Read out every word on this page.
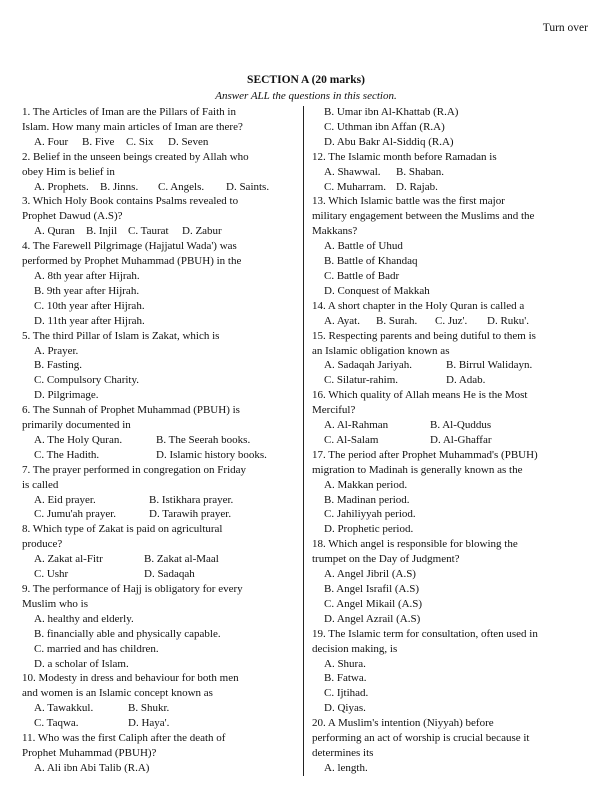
Turn over
SECTION A (20 marks)
Answer ALL the questions in this section.
1. The Articles of Iman are the Pillars of Faith in
Islam. How many main articles of Iman are there?
A. Four	B. Five	C. Six	D. Seven
2. Belief in the unseen beings created by Allah who
obey Him is belief in
A. Prophets.	B. Jinns.	C. Angels.	D. Saints.
3. Which Holy Book contains Psalms revealed to
Prophet Dawud (A.S)?
A. Quran	B. Injil C. Taurat	D. Zabur
4. The Farewell Pilgrimage (Hajjatul Wada') was
performed by Prophet Muhammad (PBUH) in the
A. 8th year after Hijrah.
B. 9th year after Hijrah.
C. 10th year after Hijrah.
D. 11th year after Hijrah.
5. The third Pillar of Islam is Zakat, which is
A. Prayer.
B. Fasting.
C. Compulsory Charity.
D. Pilgrimage.
6. The Sunnah of Prophet Muhammad (PBUH) is
primarily documented in
A. The Holy Quran.	B. The Seerah books.
C. The Hadith.	D. Islamic history books.
7. The prayer performed in congregation on Friday
is called
A. Eid prayer.	B. Istikhara prayer.
C. Jumu'ah prayer.	D. Tarawih prayer.
8. Which type of Zakat is paid on agricultural
produce?
A. Zakat al-Fitr	B. Zakat al-Maal
C. Ushr	D. Sadaqah
9. The performance of Hajj is obligatory for every
Muslim who is
A. healthy and elderly.
B. financially able and physically capable.
C. married and has children.
D. a scholar of Islam.
10. Modesty in dress and behaviour for both men
and women is an Islamic concept known as
A. Tawakkul.	B. Shukr.
C. Taqwa.	D. Haya'.
11. Who was the first Caliph after the death of
Prophet Muhammad (PBUH)?
A. Ali ibn Abi Talib (R.A)
B. Umar ibn Al-Khattab (R.A)
C. Uthman ibn Affan (R.A)
D. Abu Bakr Al-Siddiq (R.A)
12. The Islamic month before Ramadan is
A. Shawwal.	B. Shaban.
C. Muharram. D. Rajab.
13. Which Islamic battle was the first major
military engagement between the Muslims and the
Makkans?
A. Battle of Uhud
B. Battle of Khandaq
C. Battle of Badr
D. Conquest of Makkah
14. A short chapter in the Holy Quran is called a
A. Ayat.	B. Surah.	C. Juz'.	D. Ruku'.
15. Respecting parents and being dutiful to them is
an Islamic obligation known as
A. Sadaqah Jariyah.	B. Birrul Walidayn.
C. Silatur-rahim.	D. Adab.
16. Which quality of Allah means He is the Most
Merciful?
A. Al-Rahman	B. Al-Quddus
C. Al-Salam	D. Al-Ghaffar
17. The period after Prophet Muhammad's (PBUH)
migration to Madinah is generally known as the
A. Makkan period.
B. Madinan period.
C. Jahiliyyah period.
D. Prophetic period.
18. Which angel is responsible for blowing the
trumpet on the Day of Judgment?
A. Angel Jibril (A.S)
B. Angel Israfil (A.S)
C. Angel Mikail (A.S)
D. Angel Azrail (A.S)
19. The Islamic term for consultation, often used in
decision making, is
A. Shura.
B. Fatwa.
C. Ijtihad.
D. Qiyas.
20. A Muslim's intention (Niyyah) before
performing an act of worship is crucial because it
determines its
A. length.
